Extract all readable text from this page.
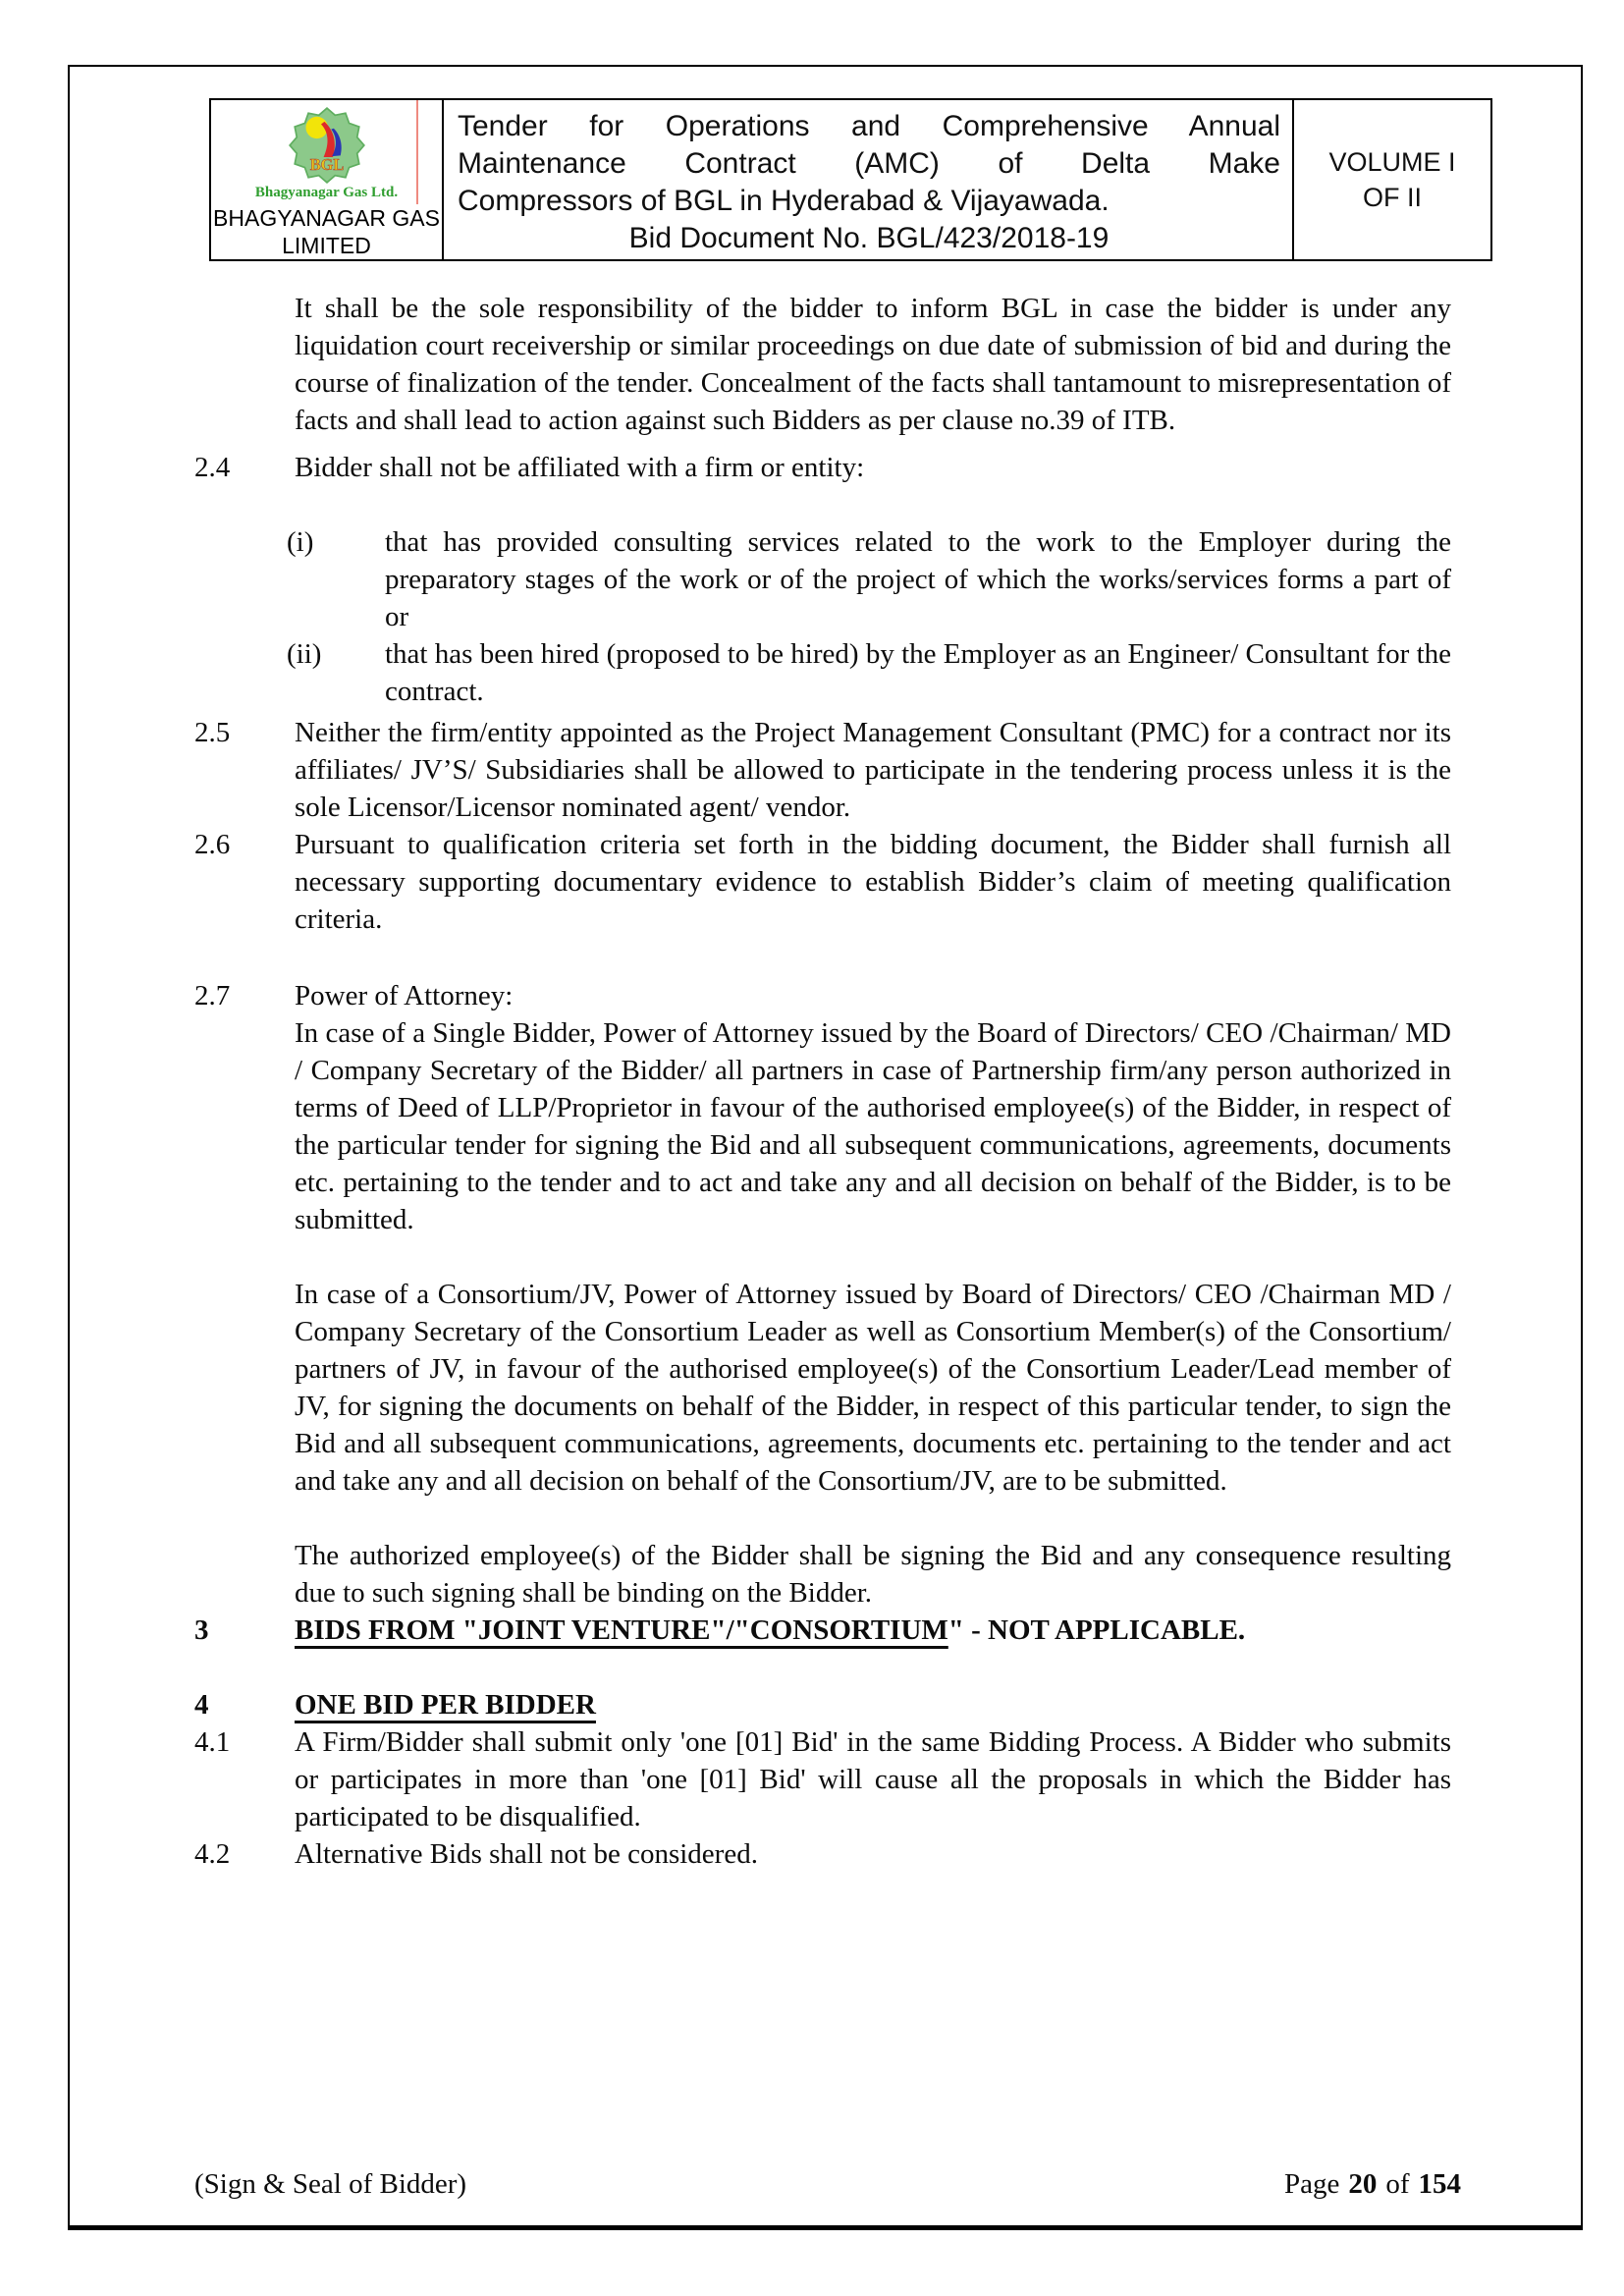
BGL
Bhagyanagar Gas Ltd.
BHAGYANAGAR GAS LIMITED
Tender for Operations and Comprehensive Annual
Maintenance Contract (AMC) of Delta Make
Compressors of BGL in Hyderabad & Vijayawada.
Bid Document No. BGL/423/2018-19
VOLUME I
OF II
It shall be the sole responsibility of the bidder to inform BGL in case the bidder is under any liquidation court receivership or similar proceedings on due date of submission of bid and during the course of finalization of the tender. Concealment of the facts shall tantamount to misrepresentation of facts and shall lead to action against such Bidders as per clause no.39 of ITB.
2.4	Bidder shall not be affiliated with a firm or entity:
(i)	that has provided consulting services related to the work to the Employer during the preparatory stages of the work or of the project of which the works/services forms a part of or
(ii)	that has been hired (proposed to be hired) by the Employer as an Engineer/ Consultant for the contract.
2.5	Neither the firm/entity appointed as the Project Management Consultant (PMC) for a contract nor its affiliates/ JV’S/ Subsidiaries shall be allowed to participate in the tendering process unless it is the sole Licensor/Licensor nominated agent/ vendor.
2.6	Pursuant to qualification criteria set forth in the bidding document, the Bidder shall furnish all necessary supporting documentary evidence to establish Bidder’s claim of meeting qualification criteria.
2.7	Power of Attorney:
In case of a Single Bidder, Power of Attorney issued by the Board of Directors/ CEO /Chairman/ MD / Company Secretary of the Bidder/ all partners in case of Partnership firm/any person authorized in terms of Deed of LLP/Proprietor in favour of the authorised employee(s) of the Bidder, in respect of the particular tender for signing the Bid and all subsequent communications, agreements, documents etc. pertaining to the tender and to act and take any and all decision on behalf of the Bidder, is to be submitted.
In case of a Consortium/JV, Power of Attorney issued by Board of Directors/ CEO /Chairman MD / Company Secretary of the Consortium Leader as well as Consortium Member(s) of the Consortium/ partners of JV, in favour of the authorised employee(s) of the Consortium Leader/Lead member of JV, for signing the documents on behalf of the Bidder, in respect of this particular tender, to sign the Bid and all subsequent communications, agreements, documents etc. pertaining to the tender and act and take any and all decision on behalf of the Consortium/JV, are to be submitted.
The authorized employee(s) of the Bidder shall be signing the Bid and any consequence resulting due to such signing shall be binding on the Bidder.
3	BIDS FROM "JOINT VENTURE"/"CONSORTIUM" - NOT APPLICABLE.
4	ONE BID PER BIDDER
4.1	A Firm/Bidder shall submit only 'one [01] Bid' in the same Bidding Process. A Bidder who submits or participates in more than 'one [01] Bid' will cause all the proposals in which the Bidder has participated to be disqualified.
4.2	Alternative Bids shall not be considered.
(Sign & Seal of Bidder)	Page 20 of 154
